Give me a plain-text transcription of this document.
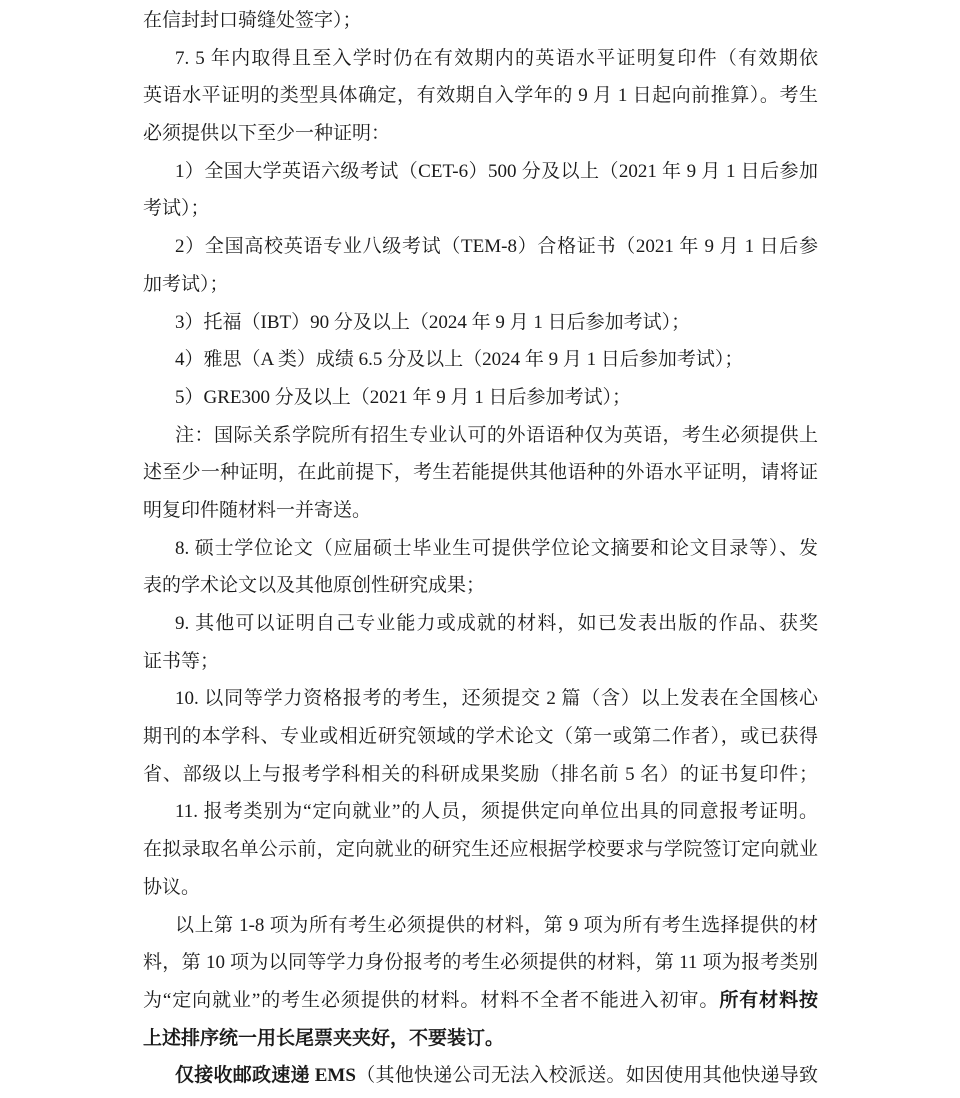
在信封封口骑缝处签字）；
7. 5 年内取得且至入学时仍在有效期内的英语水平证明复印件（有效期依
英语水平证明的类型具体确定，有效期自入学年的 9 月 1 日起向前推算）。考生
必须提供以下至少一种证明：
1）全国大学英语六级考试（CET-6）500 分及以上（2021 年 9 月 1 日后参加
考试）；
2）全国高校英语专业八级考试（TEM-8）合格证书（2021 年 9 月 1 日后参
加考试）；
3）托福（IBT）90 分及以上（2024 年 9 月 1 日后参加考试）；
4）雅思（A 类）成绩 6.5 分及以上（2024 年 9 月 1 日后参加考试）；
5）GRE300 分及以上（2021 年 9 月 1 日后参加考试）；
注：国际关系学院所有招生专业认可的外语语种仅为英语，考生必须提供上
述至少一种证明，在此前提下，考生若能提供其他语种的外语水平证明，请将证
明复印件随材料一并寄送。
8. 硕士学位论文（应届硕士毕业生可提供学位论文摘要和论文目录等）、发
表的学术论文以及其他原创性研究成果；
9. 其他可以证明自己专业能力或成就的材料，如已发表出版的作品、获奖
证书等；
10. 以同等学力资格报考的考生，还须提交 2 篇（含）以上发表在全国核心
期刊的本学科、专业或相近研究领域的学术论文（第一或第二作者），或已获得
省、部级以上与报考学科相关的科研成果奖励（排名前 5 名）的证书复印件；
11. 报考类别为“定向就业”的人员，须提供定向单位出具的同意报考证明。
在拟录取名单公示前，定向就业的研究生还应根据学校要求与学院签订定向就业
协议。
以上第 1-8 项为所有考生必须提供的材料，第 9 项为所有考生选择提供的材
料，第 10 项为以同等学力身份报考的考生必须提供的材料，第 11 项为报考类别
为“定向就业”的考生必须提供的材料。材料不全者不能进入初审。所有材料按
上述排序统一用长尾票夹夹好，不要装订。
仅接收邮政速递 EMS（其他快递公司无法入校派送。如因使用其他快递导致
